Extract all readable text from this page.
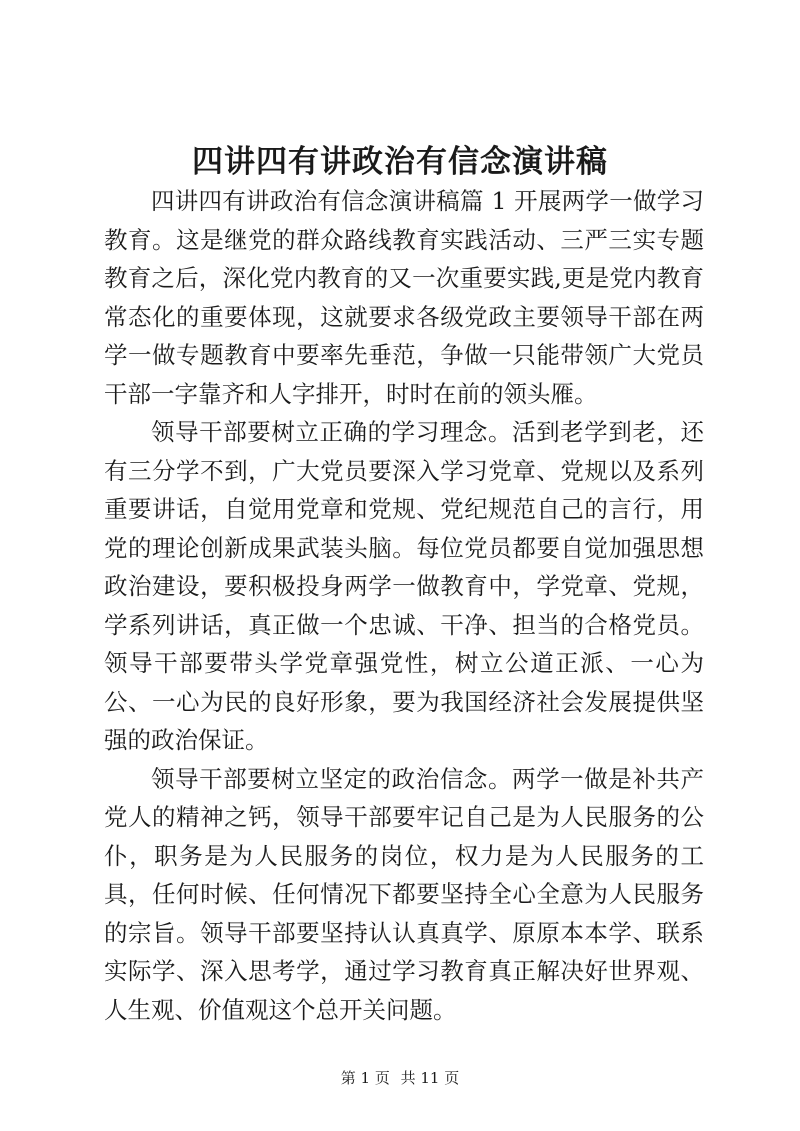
四讲四有讲政治有信念演讲稿

四讲四有讲政治有信念演讲稿篇 1 开展两学一做学习教育。这是继党的群众路线教育实践活动、三严三实专题教育之后，深化党内教育的又一次重要实践,更是党内教育常态化的重要体现，这就要求各级党政主要领导干部在两学一做专题教育中要率先垂范，争做一只能带领广大党员干部一字靠齐和人字排开，时时在前的领头雁。

领导干部要树立正确的学习理念。活到老学到老，还有三分学不到，广大党员要深入学习党章、党规以及系列重要讲话，自觉用党章和党规、党纪规范自己的言行，用党的理论创新成果武装头脑。每位党员都要自觉加强思想政治建设，要积极投身两学一做教育中，学党章、党规，学系列讲话，真正做一个忠诚、干净、担当的合格党员。领导干部要带头学党章强党性，树立公道正派、一心为公、一心为民的良好形象，要为我国经济社会发展提供坚强的政治保证。

领导干部要树立坚定的政治信念。两学一做是补共产党人的精神之钙，领导干部要牢记自己是为人民服务的公仆，职务是为人民服务的岗位，权力是为人民服务的工具，任何时候、任何情况下都要坚持全心全意为人民服务的宗旨。领导干部要坚持认认真真学、原原本本学、联系实际学、深入思考学，通过学习教育真正解决好世界观、人生观、价值观这个总开关问题。

第 1 页 共 11 页
